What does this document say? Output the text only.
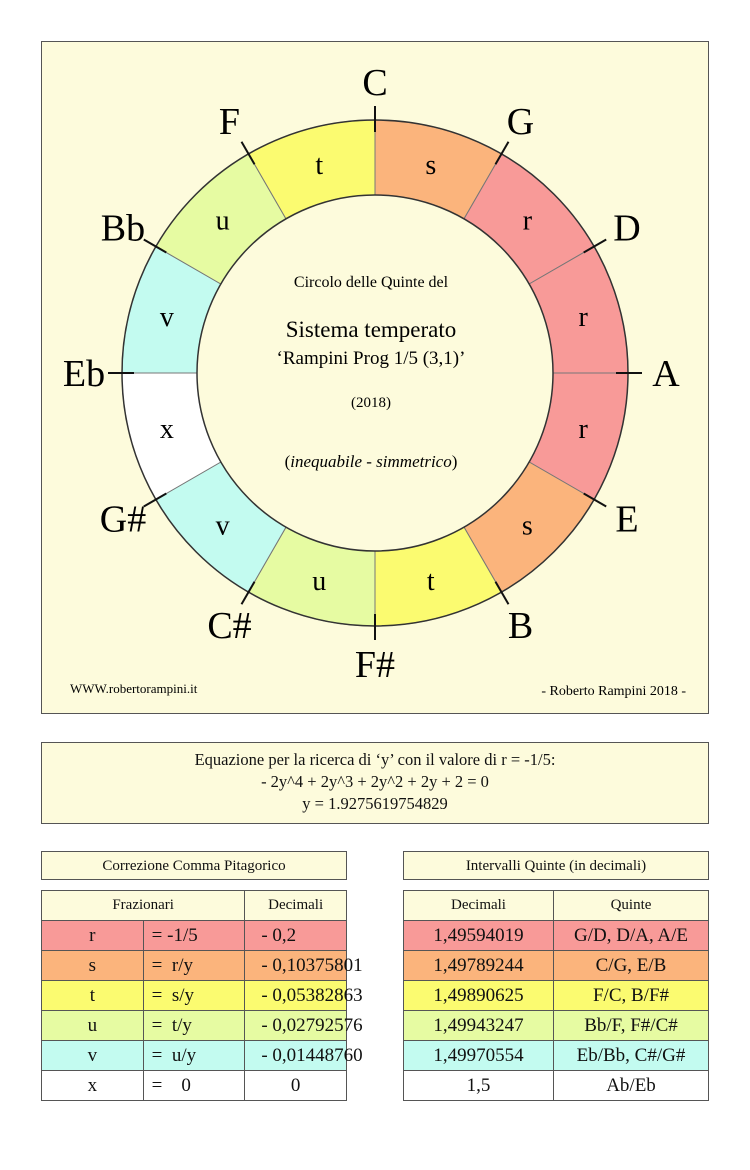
s
r
r
r
s
t
u
v
x
v
u
t
C
G
D
A
E
B
F#
C#
G#
Eb
Bb
F
Circolo delle Quinte del
Sistema temperato
‘Rampini Prog 1/5 (3,1)’
(2018)
(inequabile - simmetrico)
WWW.robertorampini.it	- Roberto Rampini 2018 -
Equazione per la ricerca di ‘y’ con il valore di r = -1/5:
- 2y^4 + 2y^3 + 2y^2 + 2y + 2 = 0
y = 1.9275619754829
Correzione Comma Pitagorico	Intervalli Quinte (in decimali)
Frazionari		Decimali
r	= -1/5	- 0,2
s	=  r/y	- 0,10375801
t	=  s/y	- 0,05382863
u	=  t/y	- 0,02792576
v	=  u/y	- 0,01448760
x	=    0	0
Decimali	Quinte
1,49594019	G/D, D/A, A/E
1,49789244	C/G, E/B
1,49890625	F/C, B/F#
1,49943247	Bb/F, F#/C#
1,49970554	Eb/Bb, C#/G#
1,5	Ab/Eb
